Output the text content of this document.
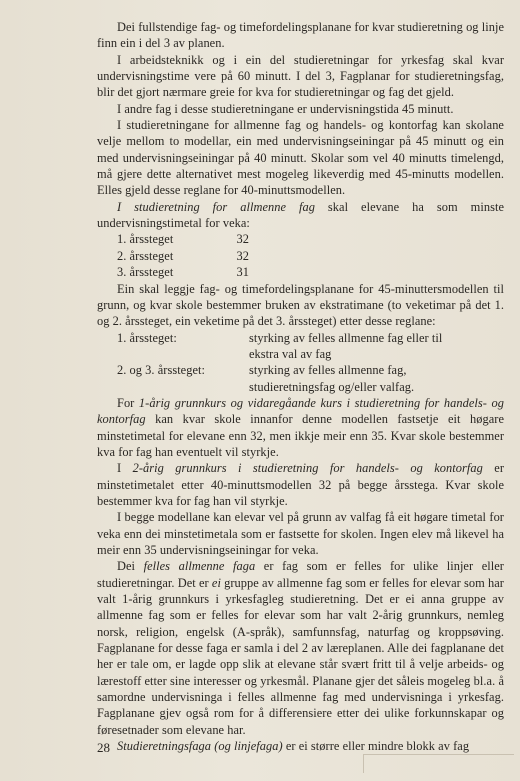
Dei fullstendige fag- og timefordelingsplanane for kvar studieretning og linje finn ein i del 3 av planen.

I arbeidsteknikk og i ein del studieretningar for yrkesfag skal kvar undervisningstime vere på 60 minutt. I del 3, Fagplanar for studieretningsfag, blir det gjort nærmare greie for kva for studieretningar og fag det gjeld.

I andre fag i desse studieretningane er undervisningstida 45 minutt.

I studieretningane for allmenne fag og handels- og kontorfag kan skolane velje mellom to modellar, ein med undervisningseiningar på 45 minutt og ein med undervisningseiningar på 40 minutt. Skolar som vel 40 minutts timelengd, må gjere dette alternativet mest mogeleg likeverdig med 45-minutts modellen. Elles gjeld desse reglane for 40-minuttsmodellen.

I studieretning for allmenne fag skal elevane ha som minste undervisningstimetal for veka:

1. årssteget	32
2. årssteget	32
3. årssteget	31

Ein skal leggje fag- og timefordelingsplanane for 45-minuttersmodellen til grunn, og kvar skole bestemmer bruken av ekstratimane (to veketimar på det 1. og 2. årssteget, ein veketime på det 3. årssteget) etter desse reglane:

1. årssteget:	styrking av felles allmenne fag eller til
ekstra val av fag
2. og 3. årssteget:	styrking av felles allmenne fag,
studieretningsfag og/eller valfag.

For 1-årig grunnkurs og vidaregåande kurs i studieretning for handels- og kontorfag kan kvar skole innanfor denne modellen fastsetje eit høgare minstetimetal for elevane enn 32, men ikkje meir enn 35. Kvar skole bestemmer kva for fag han eventuelt vil styrkje.

I 2-årig grunnkurs i studieretning for handels- og kontorfag er minstetimetalet etter 40-minuttsmodellen 32 på begge årsstega. Kvar skole bestemmer kva for fag han vil styrkje.

I begge modellane kan elevar vel på grunn av valfag få eit høgare timetal for veka enn dei minstetimetala som er fastsette for skolen. Ingen elev må likevel ha meir enn 35 undervisningseiningar for veka.

Dei felles allmenne faga er fag som er felles for ulike linjer eller studieretningar. Det er ei gruppe av allmenne fag som er felles for elevar som har valt 1-årig grunnkurs i yrkesfagleg studieretning. Det er ei anna gruppe av allmenne fag som er felles for elevar som har valt 2-årig grunnkurs, nemleg norsk, religion, engelsk (A-språk), samfunnsfag, naturfag og kroppsøving. Fagplanane for desse faga er samla i del 2 av læreplanen. Alle dei fagplanane det her er tale om, er lagde opp slik at elevane står svært fritt til å velje arbeids- og lærestoff etter sine interesser og yrkesmål. Planane gjer det såleis mogeleg bl.a. å samordne undervisninga i felles allmenne fag med undervisninga i yrkesfag. Fagplanane gjev også rom for å differensiere etter dei ulike forkunnskapar og føresetnader som elevane har.

Studieretningsfaga (og linjefaga) er ei større eller mindre blokk av fag

28
